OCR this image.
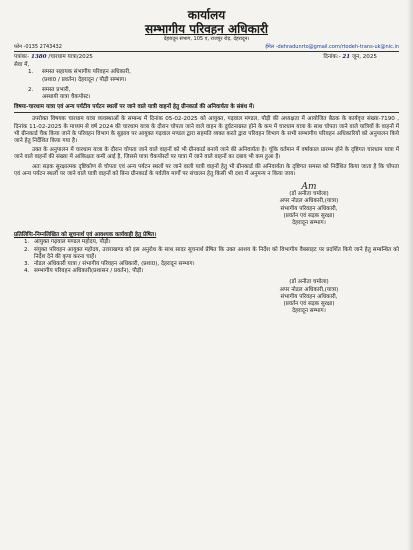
कार्यालय
सम्भागीय परिवहन अधिकारी
देहरादून संभाग, 105 ए, राजपुर रोड़, देहरादून।
फोन -0135 2743432	ईमेल -dehradunrto@gmail.com/rtodeh-trans-uk@nic.in
पत्रांकः- 1380 /चारधाम यात्रा/2025	दिनांक:- 21 जून, 2025
सेवा में,
1.	समस्त सहायक संभागीय परिवहन अधिकारी,
(प्रशा0 / प्रवर्तन) देहरादून / पौड़ी सम्भाग।
2.	समस्त प्रभारी,
अस्थायी यात्रा चैकपोस्ट।
विषयः-चारधाम यात्रा एवं अन्य पर्यटीय पर्यटन स्थलों पर जाने वाले यात्री वाहनों हेतु ग्रीनकार्ड की अनिवार्यता के संबंध में।
उपरोक्त विषयक चारधाम यात्रा व्यवस्थाओं के सम्बन्ध में दिनांक 05-02-2025 को आयुक्त, गढ़वाल मण्डल, पौड़ी की अध्यक्षता में आयोजित बैठक के कार्यवृत्त संख्या-7190 , दिनांक 11-02-2025 के माध्यम से वर्ष 2024 की चारधाम यात्रा के दौरान चोपता जाने वाले वाहन के दुर्घटनाग्रस्त होने के कम में चारधाम यात्रा के साथ चोपता जाने वाले यात्रियों के वाहनों में भी ग्रीनकार्ड चैक किया जाने के परिवहन विभाग के सुझाव पर आयुक्त गढ़वाल मण्डल द्वारा सहमति व्यक्त करते द्वारा परिवहन विभाग के सभी सम्भागीय परिवहन अधिकारियों को अनुपालन किये जाने हेतु निर्देशित किया गया है।
उक्त के अनुपालन में चारधाम यात्रा के दौरान चोपता जाने वाले वाहनों को भी ग्रीनकार्ड बनाये जाने की अनिवार्यता है। चूंकि वर्तमान में वर्षाकाल प्रारम्भ होने के दृष्टिगत चारधाम यात्रा में जाने वाले वाहनों की संख्या में आंकिक्षतः कमी आई है, जिससे यात्रा चैकपोस्टों पर यात्रा में जाने वाले वाहनों का दबाव भी कम हुआ है।
अतः सड़क सुरक्षात्मक दृष्टिकोण से चोपता एवं अन्य पर्यटन स्थलों पर जाने वाली यात्री वाहनों हेतु भी ग्रीनकार्ड की अनिवार्यता के दृष्टिगत समस्त को निर्देशित किया जाता है कि चोपता एवं अन्य पर्यटन स्थलों पर जाने वाले यात्री वाहनों को बिना ग्रीनकार्ड के पर्वतीय मार्गों पर संचालन हेतु किसी भी दशा में अनुमन्य न किया जाय।
Am
(डॉ अनीता चमोला)
अपर नोडल अधिकारी,(यात्रा)
संभागीय परिवहन अधिकारी,
(प्रवर्तन एवं सड़क सुरक्षा)
देहरादून सम्भाग।
प्रतिलिपिः-निम्नलिखित को सूचनार्थ एवं आवश्यक कार्यवाही हेतु प्रेषित।
1. आयुक्त गढ़वाल मण्डल महोदय, पौड़ी।
2. संयुक्त परिवहन आयुक्त महोदय, उत्तराखण्ड को इस अनुरोध के साथ सादर सूचनार्थ प्रेषित कि उक्त आशय के निर्देश को विभागीय वैबसाइट पर प्रदर्शित किये जाने हेतु सम्बन्धित को निर्देश देने की कृपा करना चाहें।
3. नोडल अधिकारी यात्रा / संभागीय परिवहन अधिकारी, (प्रशा0), देहरादून सम्भाग।
4. सम्भागीय परिवहन अधिकारी(प्रशासन / प्रवर्तन), पौड़ी।
(डॉ अनीता चमोला)
अपर नोडल अधिकारी,(यात्रा)
संभागीय परिवहन अधिकारी,
(प्रवर्तन एवं सड़क सुरक्षा)
देहरादून सम्भाग।
